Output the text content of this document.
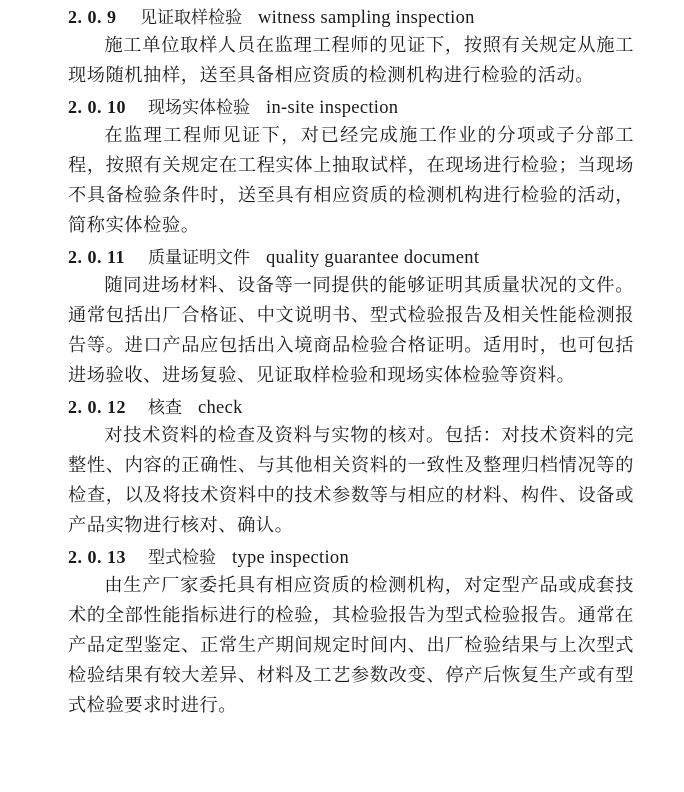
2. 0. 9	见证取样检验 witness sampling inspection

施工单位取样人员在监理工程师的见证下，按照有关规定从施工现场随机抽样，送至具备相应资质的检测机构进行检验的活动。

2. 0. 10	现场实体检验 in-site inspection

在监理工程师见证下，对已经完成施工作业的分项或子分部工程，按照有关规定在工程实体上抽取试样，在现场进行检验；当现场不具备检验条件时，送至具有相应资质的检测机构进行检验的活动，简称实体检验。

2. 0. 11	质量证明文件 quality guarantee document

随同进场材料、设备等一同提供的能够证明其质量状况的文件。通常包括出厂合格证、中文说明书、型式检验报告及相关性能检测报告等。进口产品应包括出入境商品检验合格证明。适用时，也可包括进场验收、进场复验、见证取样检验和现场实体检验等资料。

2. 0. 12	核查 check

对技术资料的检查及资料与实物的核对。包括：对技术资料的完整性、内容的正确性、与其他相关资料的一致性及整理归档情况等的检查，以及将技术资料中的技术参数等与相应的材料、构件、设备或产品实物进行核对、确认。

2. 0. 13	型式检验 type inspection

由生产厂家委托具有相应资质的检测机构，对定型产品或成套技术的全部性能指标进行的检验，其检验报告为型式检验报告。通常在产品定型鉴定、正常生产期间规定时间内、出厂检验结果与上次型式检验结果有较大差异、材料及工艺参数改变、停产后恢复生产或有型式检验要求时进行。
